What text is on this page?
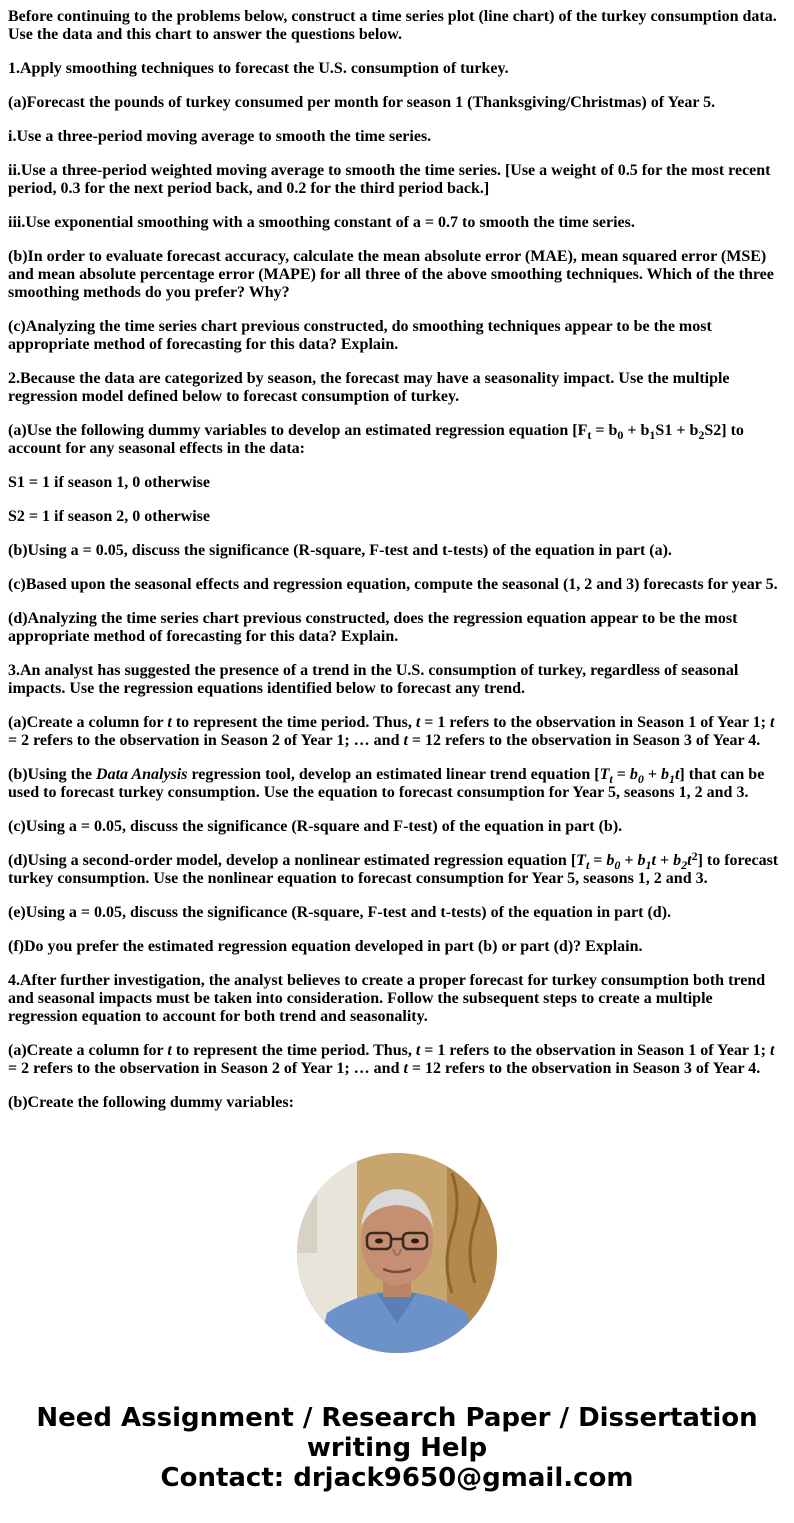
Before continuing to the problems below, construct a time series plot (line chart) of the turkey consumption data. Use the data and this chart to answer the questions below.

1.Apply smoothing techniques to forecast the U.S. consumption of turkey.

(a)Forecast the pounds of turkey consumed per month for season 1 (Thanksgiving/Christmas) of Year 5.

i.Use a three-period moving average to smooth the time series.

ii.Use a three-period weighted moving average to smooth the time series. [Use a weight of 0.5 for the most recent period, 0.3 for the next period back, and 0.2 for the third period back.]

iii.Use exponential smoothing with a smoothing constant of a = 0.7 to smooth the time series.

(b)In order to evaluate forecast accuracy, calculate the mean absolute error (MAE), mean squared error (MSE) and mean absolute percentage error (MAPE) for all three of the above smoothing techniques. Which of the three smoothing methods do you prefer? Why?

(c)Analyzing the time series chart previous constructed, do smoothing techniques appear to be the most appropriate method of forecasting for this data? Explain.

2.Because the data are categorized by season, the forecast may have a seasonality impact. Use the multiple regression model defined below to forecast consumption of turkey.

(a)Use the following dummy variables to develop an estimated regression equation $[F_t = b_0 + b_1S1 + b_2S2]$ to account for any seasonal effects in the data:

S1 = 1 if season 1, 0 otherwise

S2 = 1 if season 2, 0 otherwise

(b)Using a = 0.05, discuss the significance (R-square, F-test and t-tests) of the equation in part (a).

(c)Based upon the seasonal effects and regression equation, compute the seasonal (1, 2 and 3) forecasts for year 5.

(d)Analyzing the time series chart previous constructed, does the regression equation appear to be the most appropriate method of forecasting for this data? Explain.

3.An analyst has suggested the presence of a trend in the U.S. consumption of turkey, regardless of seasonal impacts. Use the regression equations identified below to forecast any trend.

(a)Create a column for t to represent the time period. Thus, t = 1 refers to the observation in Season 1 of Year 1; t = 2 refers to the observation in Season 2 of Year 1; … and t = 12 refers to the observation in Season 3 of Year 4.

(b)Using the Data Analysis regression tool, develop an estimated linear trend equation $[T_t = b_0 + b_1t]$ that can be used to forecast turkey consumption. Use the equation to forecast consumption for Year 5, seasons 1, 2 and 3.

(c)Using a = 0.05, discuss the significance (R-square and F-test) of the equation in part (b).

(d)Using a second-order model, develop a nonlinear estimated regression equation $[T_t = b_0 + b_1t + b_2t^2]$ to forecast turkey consumption. Use the nonlinear equation to forecast consumption for Year 5, seasons 1, 2 and 3.

(e)Using a = 0.05, discuss the significance (R-square, F-test and t-tests) of the equation in part (d).

(f)Do you prefer the estimated regression equation developed in part (b) or part (d)? Explain.

4.After further investigation, the analyst believes to create a proper forecast for turkey consumption both trend and seasonal impacts must be taken into consideration. Follow the subsequent steps to create a multiple regression equation to account for both trend and seasonality.

(a)Create a column for t to represent the time period. Thus, t = 1 refers to the observation in Season 1 of Year 1; t = 2 refers to the observation in Season 2 of Year 1; … and t = 12 refers to the observation in Season 3 of Year 4.

(b)Create the following dummy variables:

Need Assignment / Research Paper / Dissertation writing Help
Contact: drjack9650@gmail.com
